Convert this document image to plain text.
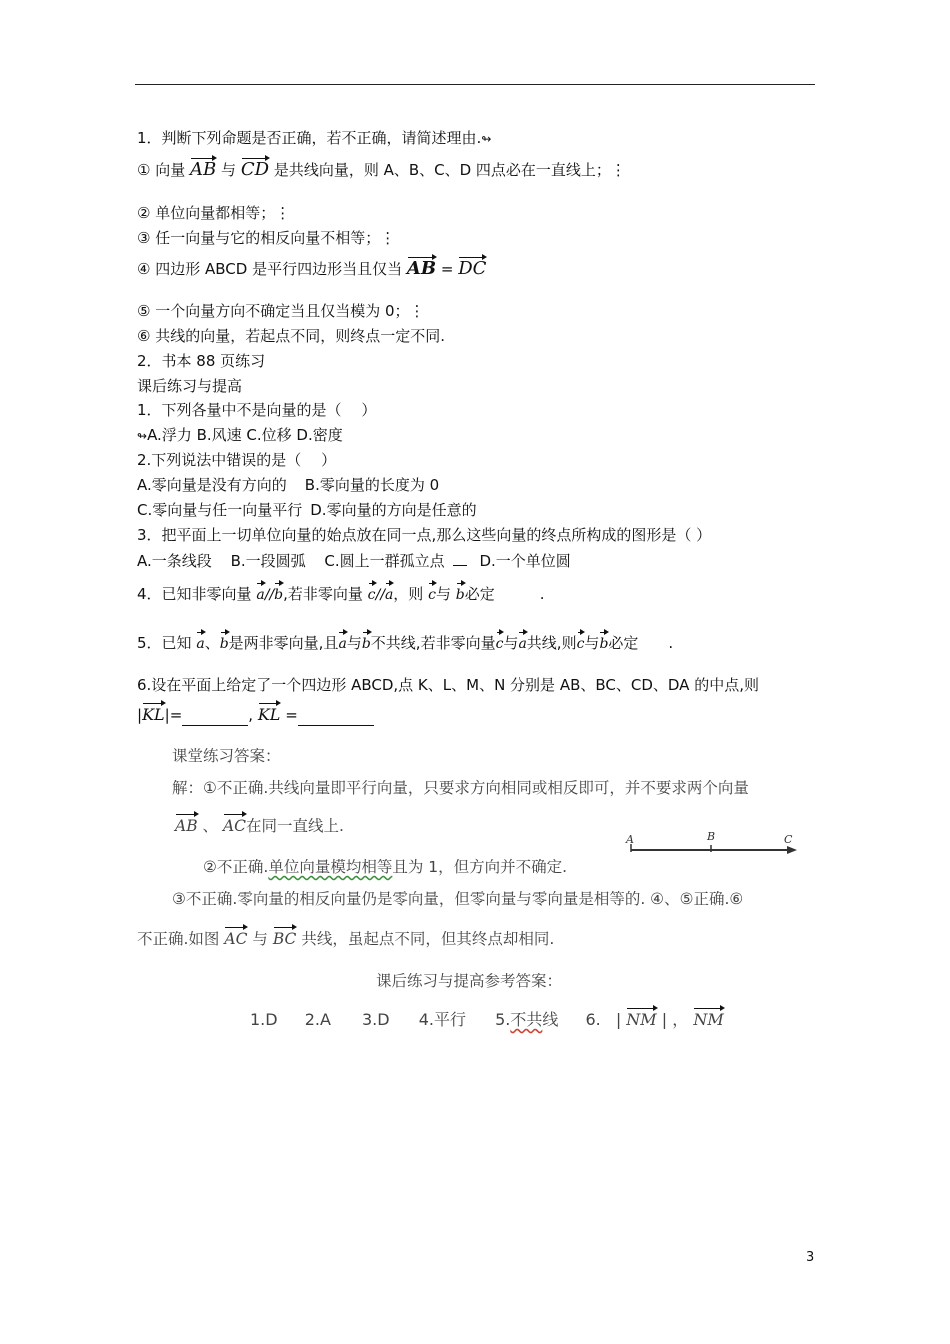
1．判断下列命题是否正确，若不正确，请简述理由.↬
① 向量 AB 与 CD 是共线向量，则 A、B、C、D 四点必在一直线上；⋮
② 单位向量都相等；⋮
③ 任一向量与它的相反向量不相等；⋮
④ 四边形 ABCD 是平行四边形当且仅当 AB = DC
⑤ 一个向量方向不确定当且仅当模为 0；⋮
⑥ 共线的向量，若起点不同，则终点一定不同.
2．书本 88 页练习
课后练习与提高
1．下列各量中不是向量的是（　 ）
↬A.浮力 B.风速 C.位移 D.密度
2.下列说法中错误的是（　 ）
A.零向量是没有方向的 B.零向量的长度为 0
C.零向量与任一向量平行 D.零向量的方向是任意的
3．把平面上一切单位向量的始点放在同一点,那么这些向量的终点所构成的图形是（ ）
A.一条线段 B.一段圆弧 C.圆上一群孤立点 D.一个单位圆
4．已知非零向量 a//b,若非零向量 c//a，则 c与 b必定　　　.
5．已知 a、b是两非零向量,且a与b不共线,若非零向量c与a共线,则c与b必定　　.
6.设在平面上给定了一个四边形 ABCD,点 K、L、M、N 分别是 AB、BC、CD、DA 的中点,则
|KL|=	, KL =
课堂练习答案：
解：①不正确.共线向量即平行向量，只要求方向相同或相反即可，并不要求两个向量
AB 、 AC在同一直线上.
A	B	C
②不正确.单位向量模均相等且为 1，但方向并不确定.
③不正确.零向量的相反向量仍是零向量，但零向量与零向量是相等的. ④、⑤正确.⑥
不正确.如图 AC 与 BC 共线，虽起点不同，但其终点却相同.
课后练习与提高参考答案：
1.D 2.A 3.D 4.平行 5.不共线 6. | NM | ， NM
3
